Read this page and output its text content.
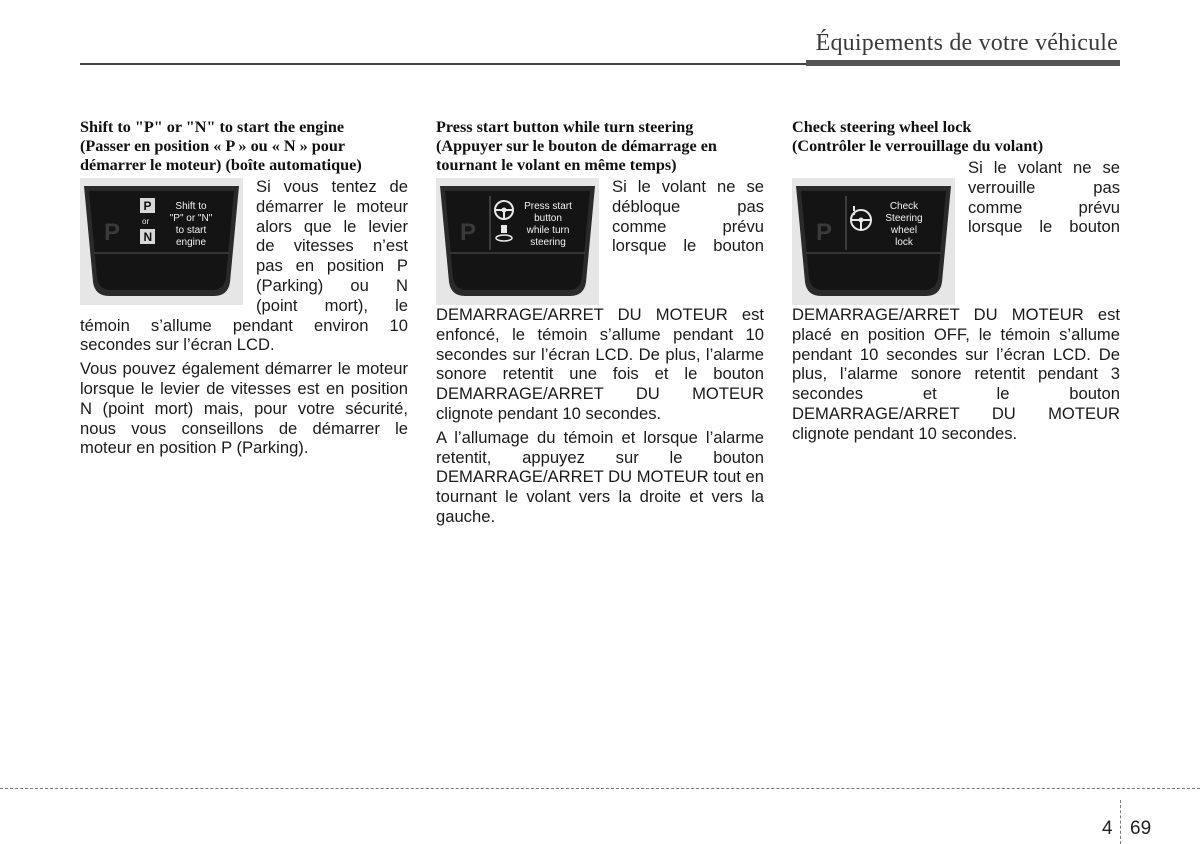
Équipements de votre véhicule
Shift to "P" or "N" to start the engine
(Passer en position « P » ou « N » pour
démarrer le moteur) (boîte automatique)
P
P
or
N
Shift to
"P" or "N"
to start
engine

Si vous tentez de démarrer le moteur alors que le levier de vitesses n’est pas en position P (Parking) ou N (point mort), le témoin s’allume pendant environ 10 secondes sur l’écran LCD.

Vous pouvez également démarrer le moteur lorsque le levier de vitesses est en position N (point mort) mais, pour votre sécurité, nous vous conseillons de démarrer le moteur en position P (Parking).

Press start button while turn steering
(Appuyer sur le bouton de démarrage en
tournant le volant en même temps)
P
Press start
button
while turn
steering

Si le volant ne se débloque pas comme prévu lorsque le bouton DEMARRAGE/ARRET DU MOTEUR est enfoncé, le témoin s’allume pendant 10 secondes sur l’écran LCD. De plus, l’alarme sonore retentit une fois et le bouton DEMARRAGE/ARRET DU MOTEUR clignote pendant 10 secondes.

A l’allumage du témoin et lorsque l’alarme retentit, appuyez sur le bouton DEMARRAGE/ARRET DU MOTEUR tout en tournant le volant vers la droite et vers la gauche.

Check steering wheel lock
(Contrôler le verrouillage du volant)
P
Check
Steering
wheel
lock

Si le volant ne se verrouille pas comme prévu lorsque le bouton DEMARRAGE/ARRET DU MOTEUR est placé en position OFF, le témoin s’allume pendant 10 secondes sur l’écran LCD. De plus, l’alarme sonore retentit pendant 3 secondes et le bouton DEMARRAGE/ARRET DU MOTEUR clignote pendant 10 secondes.

4 69
